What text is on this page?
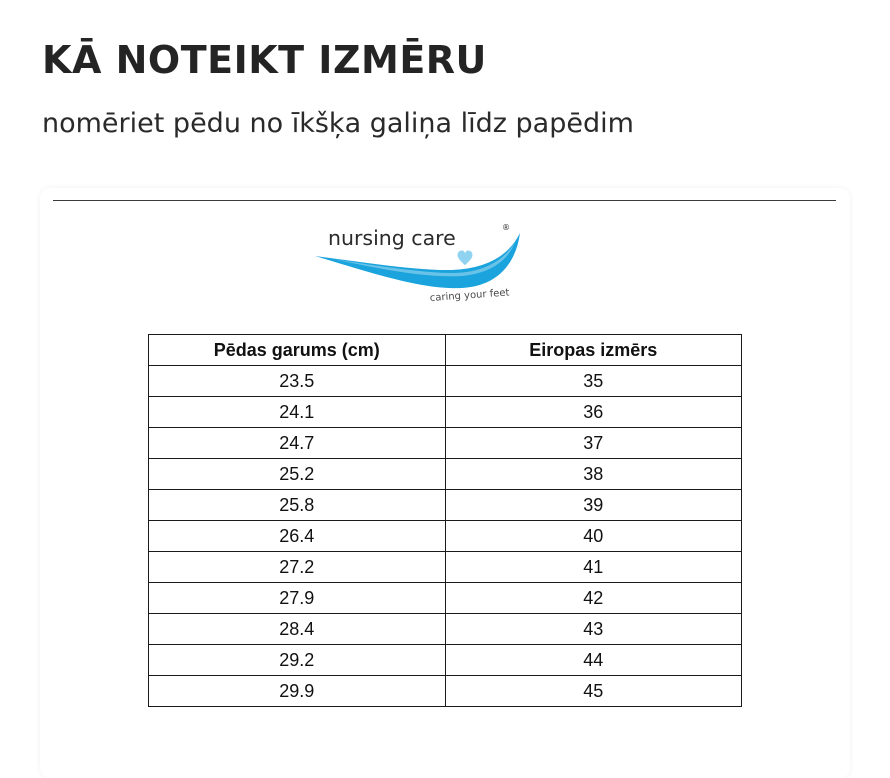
KĀ NOTEIKT IZMĒRU

nomēriet pēdu no īkšķa galiņa līdz papēdim

nursing care	®
caring your feet
Pēdas garums (cm)	Eiropas izmērs
23.5	35
24.1	36
24.7	37
25.2	38
25.8	39
26.4	40
27.2	41
27.9	42
28.4	43
29.2	44
29.9	45
